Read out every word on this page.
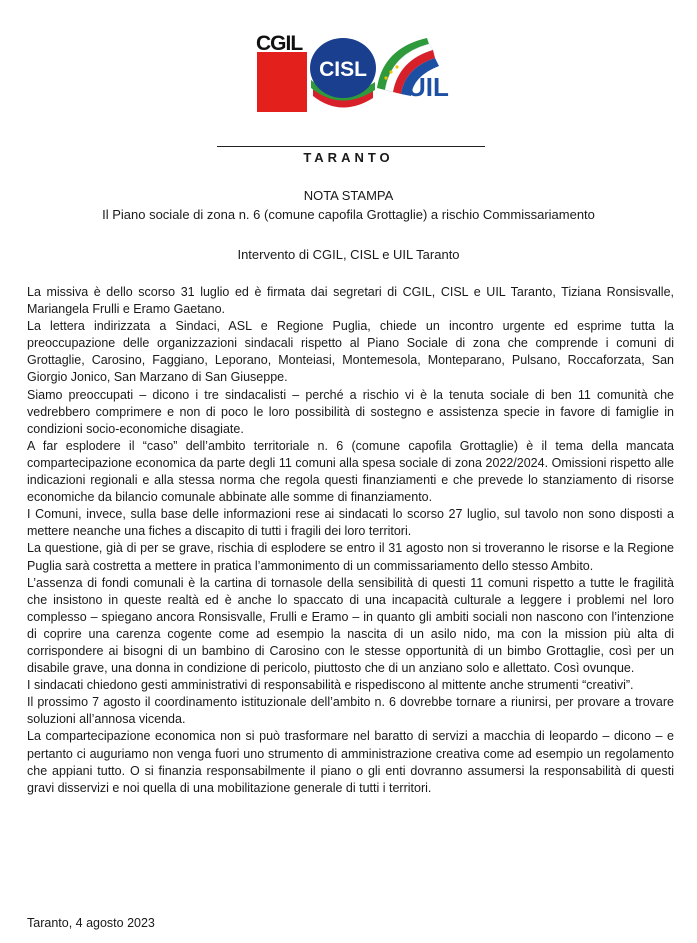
CGIL
CISL
UIL
TARANTO
NOTA STAMPA
Il Piano sociale di zona n. 6 (comune capofila Grottaglie) a rischio Commissariamento
Intervento di CGIL, CISL e UIL Taranto

La missiva è dello scorso 31 luglio ed è firmata dai segretari di CGIL, CISL e UIL Taranto, Tiziana Ronsisvalle, Mariangela Frulli e Eramo Gaetano.

La lettera indirizzata a Sindaci, ASL e Regione Puglia, chiede un incontro urgente ed esprime tutta la preoccupazione delle organizzazioni sindacali rispetto al Piano Sociale di zona che comprende i comuni di Grottaglie, Carosino, Faggiano, Leporano, Monteiasi, Montemesola, Monteparano, Pulsano, Roccaforzata, San Giorgio Jonico, San Marzano di San Giuseppe.

Siamo preoccupati – dicono i tre sindacalisti – perché a rischio vi è la tenuta sociale di ben 11 comunità che vedrebbero comprimere e non di poco le loro possibilità di sostegno e assistenza specie in favore di famiglie in condizioni socio-economiche disagiate.

A far esplodere il “caso” dell’ambito territoriale n. 6 (comune capofila Grottaglie) è il tema della mancata compartecipazione economica da parte degli 11 comuni alla spesa sociale di zona 2022/2024. Omissioni rispetto alle indicazioni regionali e alla stessa norma che regola questi finanziamenti e che prevede lo stanziamento di risorse economiche da bilancio comunale abbinate alle somme di finanziamento.

I Comuni, invece, sulla base delle informazioni rese ai sindacati lo scorso 27 luglio, sul tavolo non sono disposti a mettere neanche una fiches a discapito di tutti i fragili dei loro territori.

La questione, già di per se grave, rischia di esplodere se entro il 31 agosto non si troveranno le risorse e la Regione Puglia sarà costretta a mettere in pratica l’ammonimento di un commissariamento dello stesso Ambito.

L’assenza di fondi comunali è la cartina di tornasole della sensibilità di questi 11 comuni rispetto a tutte le fragilità che insistono in queste realtà ed è anche lo spaccato di una incapacità culturale a leggere i problemi nel loro complesso – spiegano ancora Ronsisvalle, Frulli e Eramo – in quanto gli ambiti sociali non nascono con l’intenzione di coprire una carenza cogente come ad esempio la nascita di un asilo nido, ma con la mission più alta di corrispondere ai bisogni di un bambino di Carosino con le stesse opportunità di un bimbo Grottaglie, così per un disabile grave, una donna in condizione di pericolo, piuttosto che di un anziano solo e allettato. Così ovunque.

I sindacati chiedono gesti amministrativi di responsabilità e rispediscono al mittente anche strumenti “creativi”.

Il prossimo 7 agosto il coordinamento istituzionale dell’ambito n. 6 dovrebbe tornare a riunirsi, per provare a trovare soluzioni all’annosa vicenda.

La compartecipazione economica non si può trasformare nel baratto di servizi a macchia di leopardo – dicono – e pertanto ci auguriamo non venga fuori uno strumento di amministrazione creativa come ad esempio un regolamento che appiani tutto. O si finanzia responsabilmente il piano o gli enti dovranno assumersi la responsabilità di questi gravi disservizi e noi quella di una mobilitazione generale di tutti i territori.

Taranto, 4 agosto 2023
